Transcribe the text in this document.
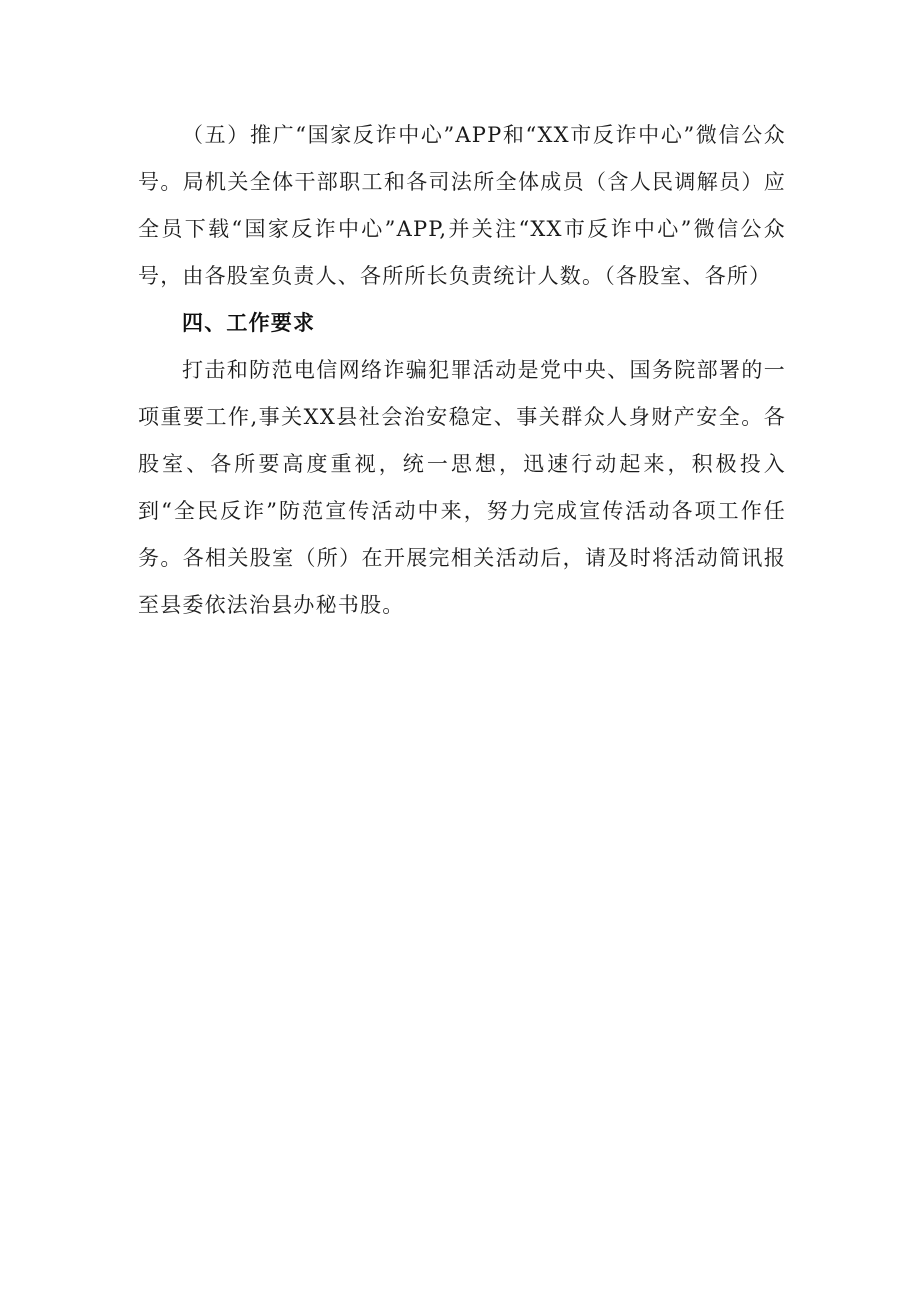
（五）推广“国家反诈中心”APP和“XX市反诈中心”微信公众号。局机关全体干部职工和各司法所全体成员（含人民调解员）应全员下载“国家反诈中心”APP,并关注“XX市反诈中心”微信公众号，由各股室负责人、各所所长负责统计人数。（各股室、各所）

四、工作要求

打击和防范电信网络诈骗犯罪活动是党中央、国务院部署的一项重要工作,事关XX县社会治安稳定、事关群众人身财产安全。各股室、各所要高度重视，统一思想，迅速行动起来，积极投入到“全民反诈”防范宣传活动中来，努力完成宣传活动各项工作任务。各相关股室（所）在开展完相关活动后，请及时将活动简讯报至县委依法治县办秘书股。
